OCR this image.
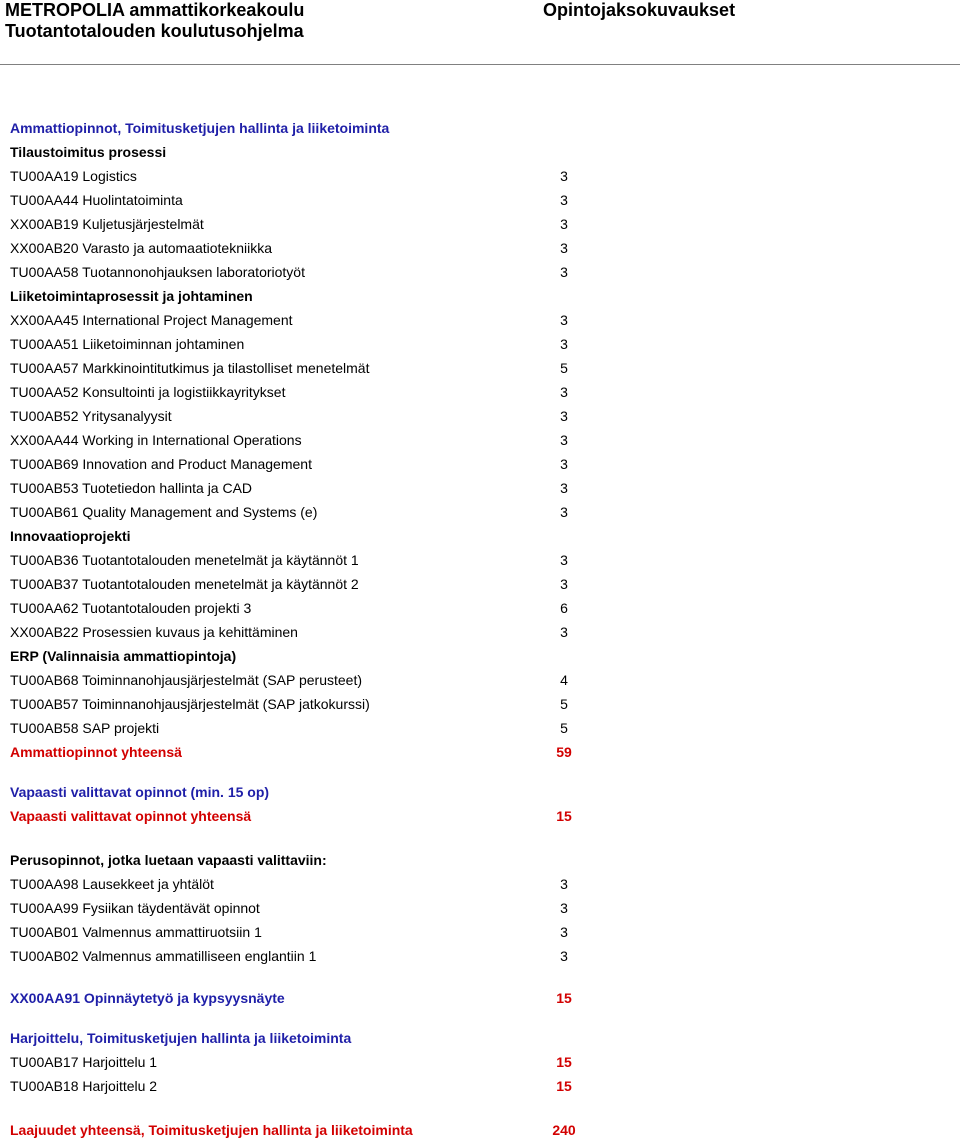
METROPOLIA ammattikorkeakoulu
Tuotantotalouden koulutusohjelma
Opintojaksokuvaukset
Ammattiopinnot, Toimitusketjujen hallinta ja liiketoiminta
Tilaustoimitus prosessi
TU00AA19 Logistics	3
TU00AA44 Huolintatoiminta	3
XX00AB19 Kuljetusjärjestelmät	3
XX00AB20 Varasto ja automaatiotekniikka	3
TU00AA58 Tuotannonohjauksen laboratoriotyöt	3
Liiketoimintaprosessit ja johtaminen
XX00AA45 International Project Management	3
TU00AA51 Liiketoiminnan johtaminen	3
TU00AA57 Markkinointitutkimus ja tilastolliset menetelmät	5
TU00AA52 Konsultointi ja logistiikkayritykset	3
TU00AB52 Yritysanalyysit	3
XX00AA44 Working in International Operations	3
TU00AB69 Innovation and Product Management	3
TU00AB53 Tuotetiedon hallinta ja CAD	3
TU00AB61 Quality Management and Systems (e)	3
Innovaatioprojekti
TU00AB36 Tuotantotalouden menetelmät ja käytännöt 1	3
TU00AB37 Tuotantotalouden menetelmät ja käytännöt 2	3
TU00AA62 Tuotantotalouden projekti 3	6
XX00AB22 Prosessien kuvaus ja kehittäminen	3
ERP (Valinnaisia ammattiopintoja)
TU00AB68 Toiminnanohjausjärjestelmät (SAP perusteet)	4
TU00AB57 Toiminnanohjausjärjestelmät (SAP jatkokurssi)	5
TU00AB58 SAP projekti	5
Ammattiopinnot yhteensä	59
Vapaasti valittavat opinnot (min. 15 op)
Vapaasti valittavat opinnot yhteensä	15
Perusopinnot, jotka luetaan vapaasti valittaviin:
TU00AA98 Lausekkeet ja yhtälöt	3
TU00AA99 Fysiikan täydentävät opinnot	3
TU00AB01 Valmennus ammattiruotsiin 1	3
TU00AB02 Valmennus ammatilliseen englantiin 1	3
XX00AA91 Opinnäytetyö ja kypsyysnäyte	15
Harjoittelu, Toimitusketjujen hallinta ja liiketoiminta
TU00AB17 Harjoittelu 1	15
TU00AB18 Harjoittelu 2	15
Laajuudet yhteensä, Toimitusketjujen hallinta ja liiketoiminta	240
